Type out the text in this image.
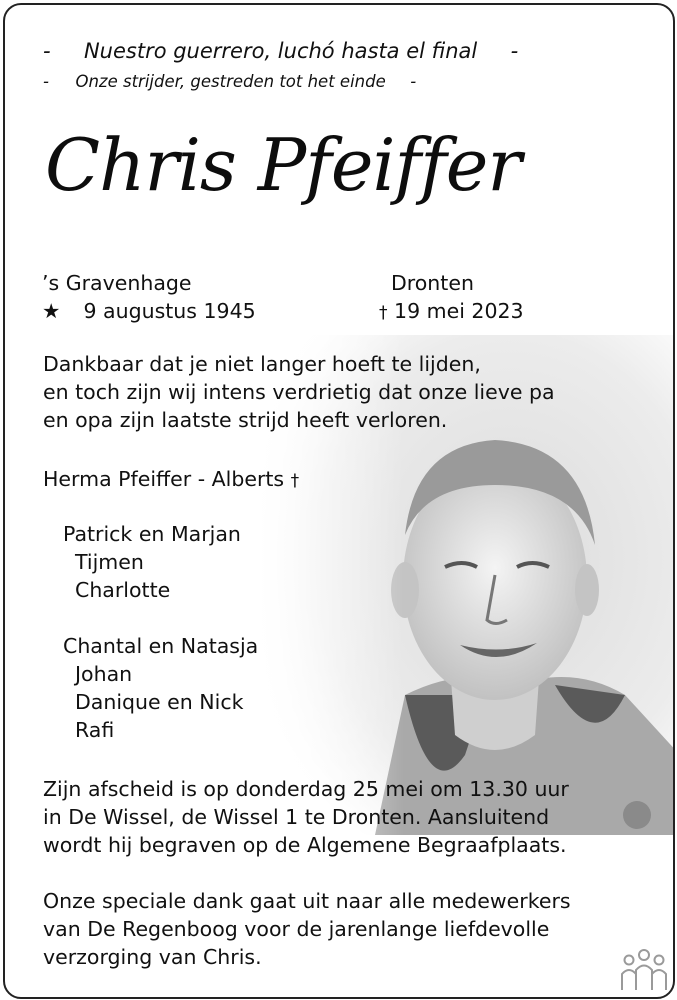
- Nuestro guerrero, luchó hasta el final -
- Onze strijder, gestreden tot het einde -
Chris Pfeiffer
’s Gravenhage
★ 9 augustus 1945
Dronten
† 19 mei 2023
Dankbaar dat je niet langer hoeft te lijden,
en toch zijn wij intens verdrietig dat onze lieve pa
en opa zijn laatste strijd heeft verloren.
Herma Pfeiffer - Alberts †
Patrick en Marjan
Tijmen
Charlotte
Chantal en Natasja
Johan
Danique en Nick
Rafi
Zijn afscheid is op donderdag 25 mei om 13.30 uur
in De Wissel, de Wissel 1 te Dronten. Aansluitend
wordt hij begraven op de Algemene Begraafplaats.
Onze speciale dank gaat uit naar alle medewerkers
van De Regenboog voor de jarenlange liefdevolle
verzorging van Chris.
